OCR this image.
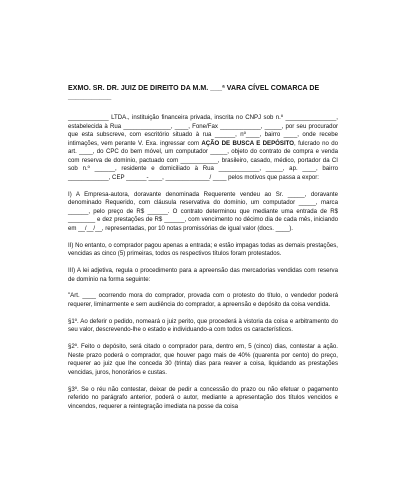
EXMO. SR. DR. JUIZ DE DIREITO DA M.M. ___ª VARA CÍVEL COMARCA DE ___________

____________ LTDA., instituição financeira privada, inscrita no CNPJ sob n.º _______________, estabelecida à Rua ______________, ____, Fone/Fax ____________, _____, por seu procurador que esta subscreve, com escritório situado à rua ______, nº____, bairro ____, onde recebe intimações, vem perante V. Exa. ingressar com AÇÃO DE BUSCA E DEPÓSITO, fulcrado no do art. ____, do CPC do bem móvel, um computador _____, objeto do contrato de compra e venda com reserva de domínio, pactuado com ___________, brasileiro, casado, médico, portador da CI sob n.º ______, residente e domiciliado à Rua ____________, _____, ap. ____, bairro ____________, CEP ______-____, _____________/ ____ pelos motivos que passa a expor:

I) A Empresa-autora, doravante denominada Requerente vendeu ao Sr. _____, doravante denominado Requerido, com cláusula reservativa do domínio, um computador _____, marca ______, pelo preço de R$ ______. O contrato determinou que mediante uma entrada de R$ ________ e dez prestações de R$ ______, com vencimento no décimo dia de cada mês, iniciando em __/__/__, representadas, por 10 notas promissórias de igual valor (docs. ____).

II) No entanto, o comprador pagou apenas a entrada; e estão impagas todas as demais prestações, vencidas as cinco (5) primeiras, todos os respectivos títulos foram protestados.

III) A lei adjetiva, regula o procedimento para a apreensão das mercadorias vendidas com reserva de domínio na forma seguinte:

"Art. ____ ocorrendo mora do comprador, provada com o protesto do título, o vendedor poderá requerer, liminarmente e sem audiência do comprador, a apreensão e depósito da coisa vendida.

§1º. Ao deferir o pedido, nomeará o juiz perito, que procederá à vistoria da coisa e arbitramento do seu valor, descrevendo-lhe o estado e individuando-a com todos os característicos.

§2º. Feito o depósito, será citado o comprador para, dentro em, 5 (cinco) dias, contestar a ação. Neste prazo poderá o comprador, que houver pago mais de 40% (quarenta por cento) do preço, requerer ao juiz que lhe conceda 30 (trinta) dias para reaver a coisa, liquidando as prestações vencidas, juros, honorários e custas.

§3º. Se o réu não contestar, deixar de pedir a concessão do prazo ou não efetuar o pagamento referido no parágrafo anterior, poderá o autor, mediante a apresentação dos títulos vencidos e vincendos, requerer a reintegração imediata na posse da coisa
